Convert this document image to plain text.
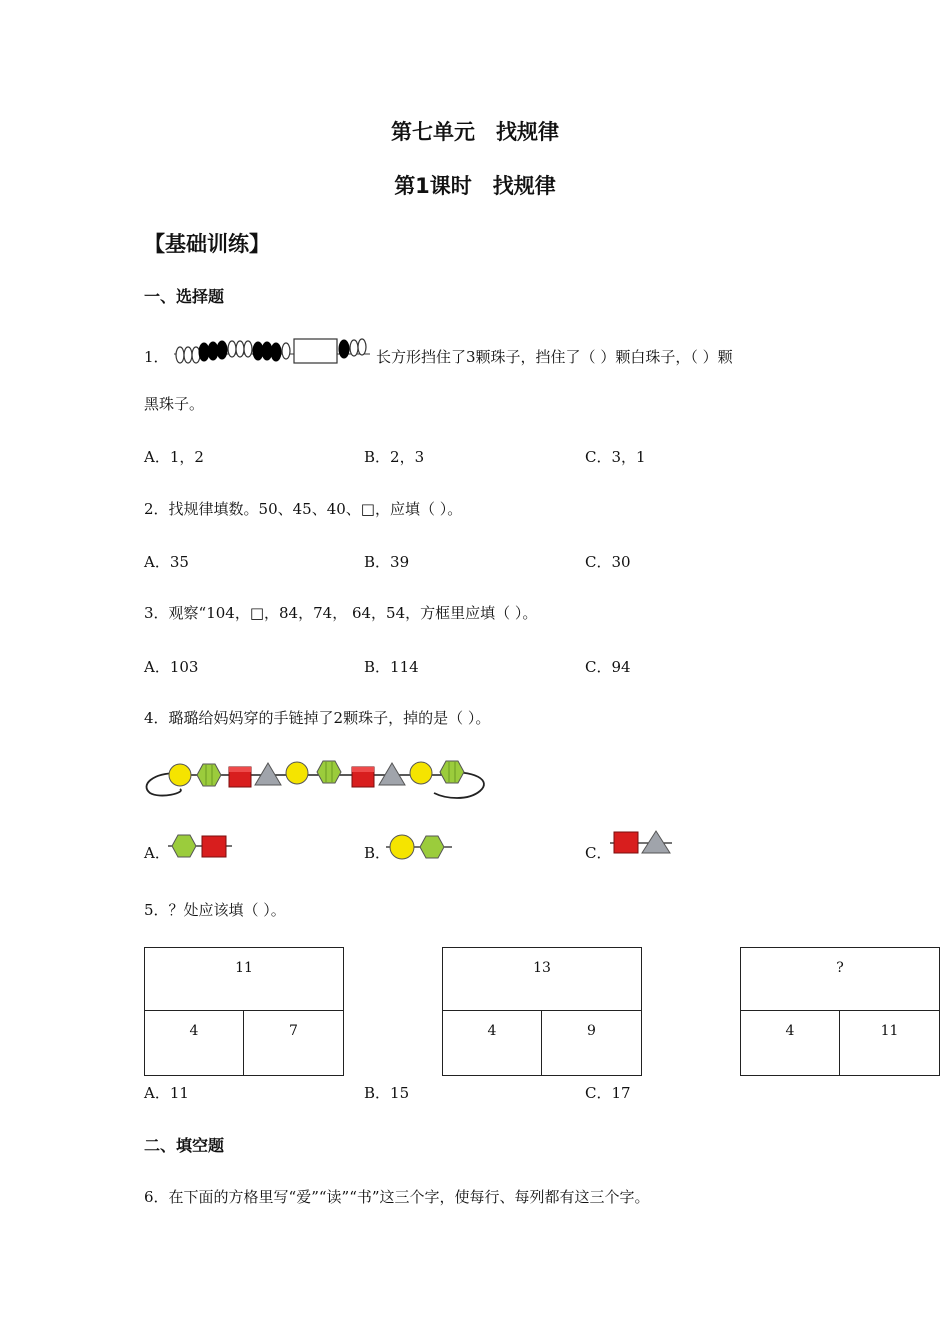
第七单元　找规律
第1课时　找规律
【基础训练】
一、选择题
1．	长方形挡住了3颗珠子，挡住了（ ）颗白珠子，（ ）颗
黑珠子。
A．1，2	B．2，3	C．3，1
2．找规律填数。50、45、40、□，应填（ ）。
A．35	B．39	C．30
3．观察“104，□，84，74， 64，54，方框里应填（ ）。
A．103	B．114	C．94
4．璐璐给妈妈穿的手链掉了2颗珠子，掉的是（ ）。
A．	B．	C．
5．？处应该填（ ）。
11
4	7
13
4	9
?
4	11
A．11	B．15	C．17
二、填空题
6．在下面的方格里写“爱”“读”“书”这三个字，使每行、每列都有这三个字。
